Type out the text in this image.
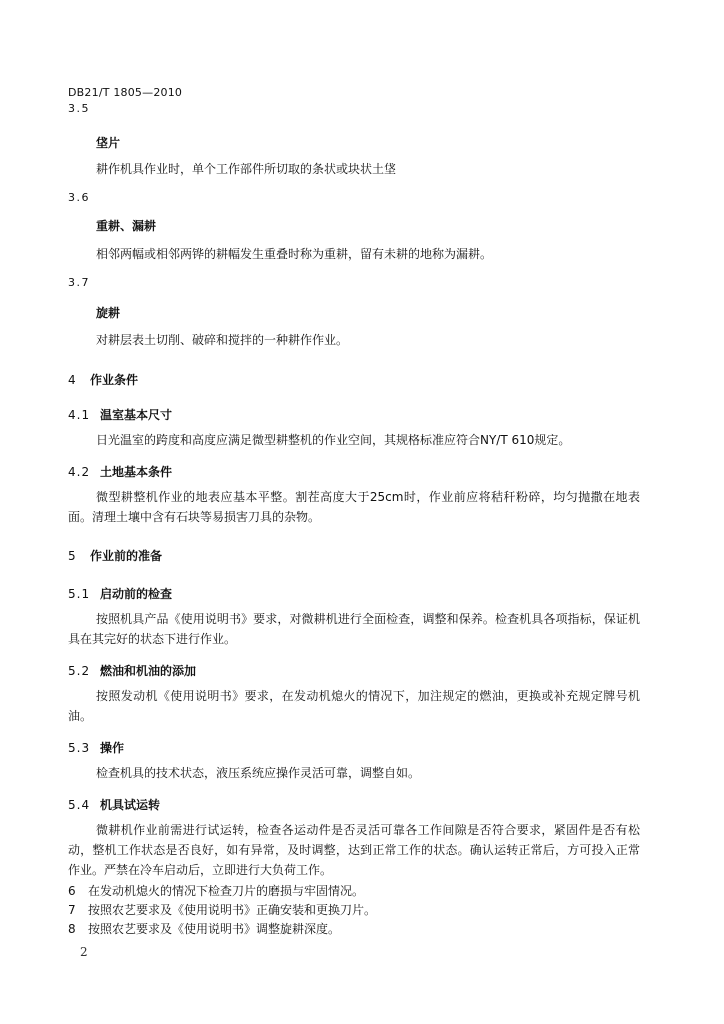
DB21/T 1805—2010
3.5
垡片
耕作机具作业时，单个工作部件所切取的条状或块状土垡
3.6
重耕、漏耕
相邻两幅或相邻两铧的耕幅发生重叠时称为重耕，留有未耕的地称为漏耕。
3.7
旋耕
对耕层表土切削、破碎和搅拌的一种耕作作业。
4 作业条件
4.1 温室基本尺寸
日光温室的跨度和高度应满足微型耕整机的作业空间，其规格标准应符合NY/T 610规定。
4.2 土地基本条件
微型耕整机作业的地表应基本平整。割茬高度大于25cm时，作业前应将秸秆粉碎，均匀抛撒在地表面。清理土壤中含有石块等易损害刀具的杂物。
5 作业前的准备
5.1 启动前的检查
按照机具产品《使用说明书》要求，对微耕机进行全面检查，调整和保养。检查机具各项指标，保证机具在其完好的状态下进行作业。
5.2 燃油和机油的添加
按照发动机《使用说明书》要求，在发动机熄火的情况下，加注规定的燃油，更换或补充规定牌号机油。
5.3 操作
检查机具的技术状态，液压系统应操作灵活可靠，调整自如。
5.4 机具试运转
微耕机作业前需进行试运转，检查各运动件是否灵活可靠各工作间隙是否符合要求，紧固件是否有松动，整机工作状态是否良好，如有异常，及时调整，达到正常工作的状态。确认运转正常后，方可投入正常作业。严禁在冷车启动后，立即进行大负荷工作。
6 在发动机熄火的情况下检查刀片的磨损与牢固情况。
7 按照农艺要求及《使用说明书》正确安装和更换刀片。
8 按照农艺要求及《使用说明书》调整旋耕深度。
2
